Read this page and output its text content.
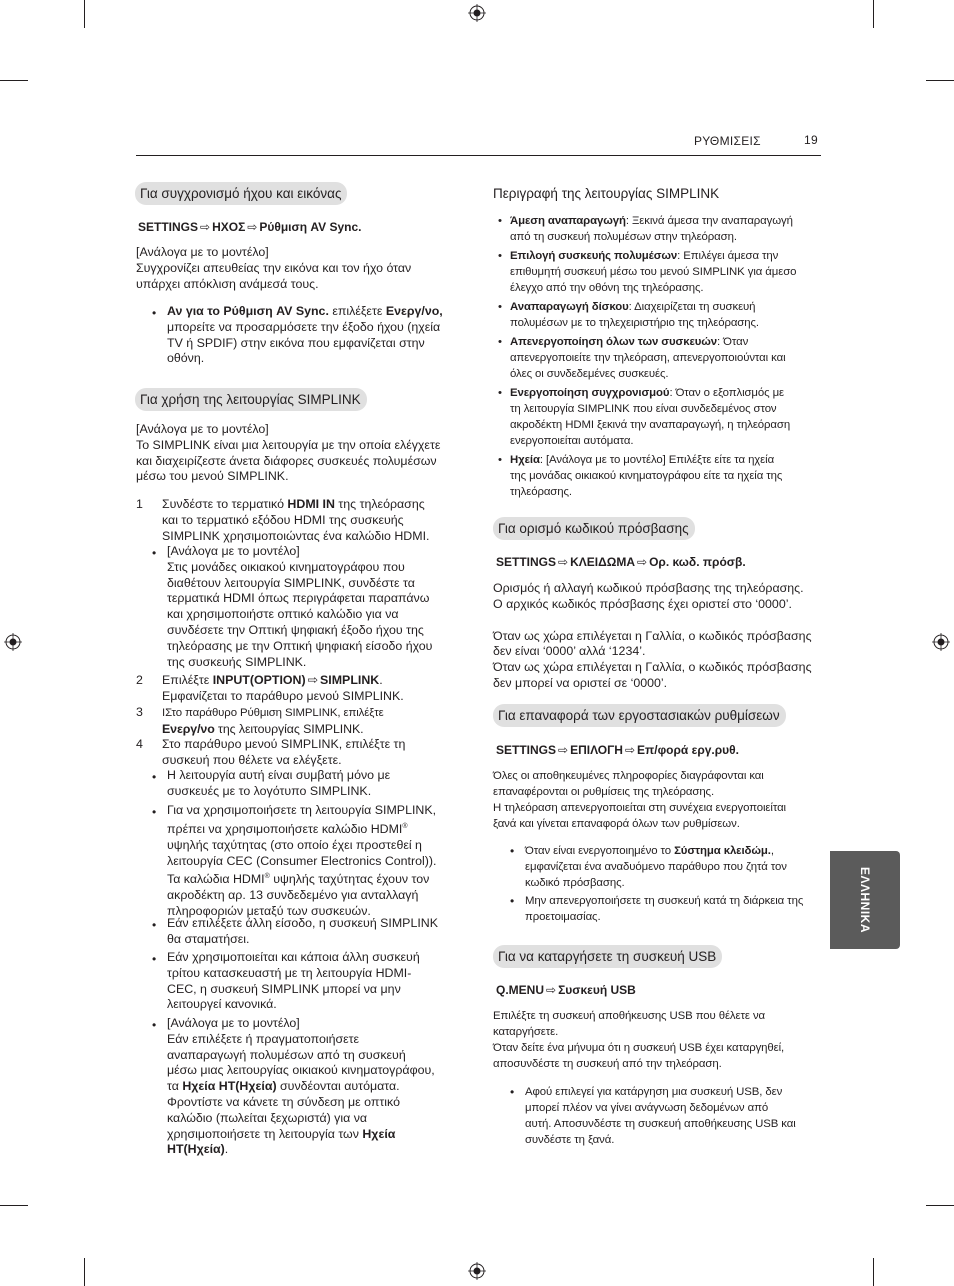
ΡΥΘΜΙΣΕΙΣ	19
ΕΛΛΗΝΙΚΑ
Για συγχρονισμό ήχου και εικόνας
SETTINGS ⇨ ΗΧΟΣ ⇨ Ρύθμιση AV Sync.
[Ανάλογα με το μοντέλο]
Συγχρονίζει απευθείας την εικόνα και τον ήχο όταν
υπάρχει απόκλιση ανάμεσά τους.
• Αν για το Ρύθμιση AV Sync. επιλέξετε Ενεργ/νο,
μπορείτε να προσαρμόσετε την έξοδο ήχου (ηχεία
TV ή SPDIF) στην εικόνα που εμφανίζεται στην
οθόνη.
Για χρήση της λειτουργίας SIMPLINK
[Ανάλογα με το μοντέλο]
Το SIMPLINK είναι μια λειτουργία με την οποία ελέγχετε
και διαχειρίζεστε άνετα διάφορες συσκευές πολυμέσων
μέσω του μενού SIMPLINK.
1 Συνδέστε το τερματικό HDMI IN της τηλεόρασης
και το τερματικό εξόδου HDMI της συσκευής
SIMPLINK χρησιμοποιώντας ένα καλώδιο HDMI.
• [Ανάλογα με το μοντέλο]
Στις μονάδες οικιακού κινηματογράφου που
διαθέτουν λειτουργία SIMPLINK, συνδέστε τα
τερματικά HDMI όπως περιγράφεται παραπάνω
και χρησιμοποιήστε οπτικό καλώδιο για να
συνδέσετε την Οπτική ψηφιακή έξοδο ήχου της
τηλεόρασης με την Οπτική ψηφιακή είσοδο ήχου
της συσκευής SIMPLINK.
2 Επιλέξτε INPUT(OPTION) ⇨ SIMPLINK.
Εμφανίζεται το παράθυρο μενού SIMPLINK.
3 ΙΣτο παράθυρο Ρύθμιση SIMPLINK, επιλέξτε
Ενεργ/νο της λειτουργίας SIMPLINK.
4 Στο παράθυρο μενού SIMPLINK, επιλέξτε τη
συσκευή που θέλετε να ελέγξετε.
• Η λειτουργία αυτή είναι συμβατή μόνο με
συσκευές με το λογότυπο SIMPLINK.
• Για να χρησιμοποιήσετε τη λειτουργία SIMPLINK,
πρέπει να χρησιμοποιήσετε καλώδιο HDMI®
υψηλής ταχύτητας (στο οποίο έχει προστεθεί η
λειτουργία CEC (Consumer Electronics Control)).
Τα καλώδια HDMI® υψηλής ταχύτητας έχουν τον
ακροδέκτη αρ. 13 συνδεδεμένο για ανταλλαγή
πληροφοριών μεταξύ των συσκευών.
• Εάν επιλέξετε άλλη είσοδο, η συσκευή SIMPLINK
θα σταματήσει.
• Εάν χρησιμοποιείται και κάποια άλλη συσκευή
τρίτου κατασκευαστή με τη λειτουργία HDMI-
CEC, η συσκευή SIMPLINK μπορεί να μην
λειτουργεί κανονικά.
• [Ανάλογα με το μοντέλο]
Εάν επιλέξετε ή πραγματοποιήσετε
αναπαραγωγή πολυμέσων από τη συσκευή
μέσω μιας λειτουργίας οικιακού κινηματογράφου,
τα Ηχεία HT(Ηχεία) συνδέονται αυτόματα.
Φροντίστε να κάνετε τη σύνδεση με οπτικό
καλώδιο (πωλείται ξεχωριστά) για να
χρησιμοποιήσετε τη λειτουργία των Ηχεία
HT(Ηχεία).
Περιγραφή της λειτουργίας SIMPLINK
• Άμεση αναπαραγωγή: Ξεκινά άμεσα την αναπαραγωγή
από τη συσκευή πολυμέσων στην τηλεόραση.
• Επιλογή συσκευής πολυμέσων: Επιλέγει άμεσα την
επιθυμητή συσκευή μέσω του μενού SIMPLINK για άμεσο
έλεγχο από την οθόνη της τηλεόρασης.
• Αναπαραγωγή δίσκου: Διαχειρίζεται τη συσκευή
πολυμέσων με το τηλεχειριστήριο της τηλεόρασης.
• Απενεργοποίηση όλων των συσκευών: Όταν
απενεργοποιείτε την τηλεόραση, απενεργοποιούνται και
όλες οι συνδεδεμένες συσκευές.
• Ενεργοποίηση συγχρονισμού: Όταν ο εξοπλισμός με
τη λειτουργία SIMPLINK που είναι συνδεδεμένος στον
ακροδέκτη HDMI ξεκινά την αναπαραγωγή, η τηλεόραση
ενεργοποιείται αυτόματα.
• Ηχεία: [Ανάλογα με το μοντέλο] Επιλέξτε είτε τα ηχεία
της μονάδας οικιακού κινηματογράφου είτε τα ηχεία της
τηλεόρασης.
Για ορισμό κωδικού πρόσβασης
SETTINGS ⇨ ΚΛΕΙΔΩΜΑ ⇨ Ορ. κωδ. πρόσβ.
Ορισμός ή αλλαγή κωδικού πρόσβασης της τηλεόρασης.
Ο αρχικός κωδικός πρόσβασης έχει οριστεί στο ‘0000’.
Όταν ως χώρα επιλέγεται η Γαλλία, ο κωδικός πρόσβασης
δεν είναι ‘0000’ αλλά ‘1234’.
Όταν ως χώρα επιλέγεται η Γαλλία, ο κωδικός πρόσβασης
δεν μπορεί να οριστεί σε ‘0000’.
Για επαναφορά των εργοστασιακών ρυθμίσεων
SETTINGS ⇨ ΕΠΙΛΟΓΗ ⇨ Επ/φορά εργ.ρυθ.
Όλες οι αποθηκευμένες πληροφορίες διαγράφονται και
επαναφέρονται οι ρυθμίσεις της τηλεόρασης.
Η τηλεόραση απενεργοποιείται στη συνέχεια ενεργοποιείται
ξανά και γίνεται επαναφορά όλων των ρυθμίσεων.
• Όταν είναι ενεργοποιημένο το Σύστημα κλειδώμ.,
εμφανίζεται ένα αναδυόμενο παράθυρο που ζητά τον
κωδικό πρόσβασης.
• Μην απενεργοποιήσετε τη συσκευή κατά τη διάρκεια της
προετοιμασίας.
Για να καταργήσετε τη συσκευή USB
Q.MENU ⇨ Συσκευή USB
Επιλέξτε τη συσκευή αποθήκευσης USB που θέλετε να
καταργήσετε.
Όταν δείτε ένα μήνυμα ότι η συσκευή USB έχει καταργηθεί,
αποσυνδέστε τη συσκευή από την τηλεόραση.
• Αφού επιλεγεί για κατάργηση μια συσκευή USB, δεν
μπορεί πλέον να γίνει ανάγνωση δεδομένων από
αυτή. Αποσυνδέστε τη συσκευή αποθήκευσης USB και
συνδέστε τη ξανά.
